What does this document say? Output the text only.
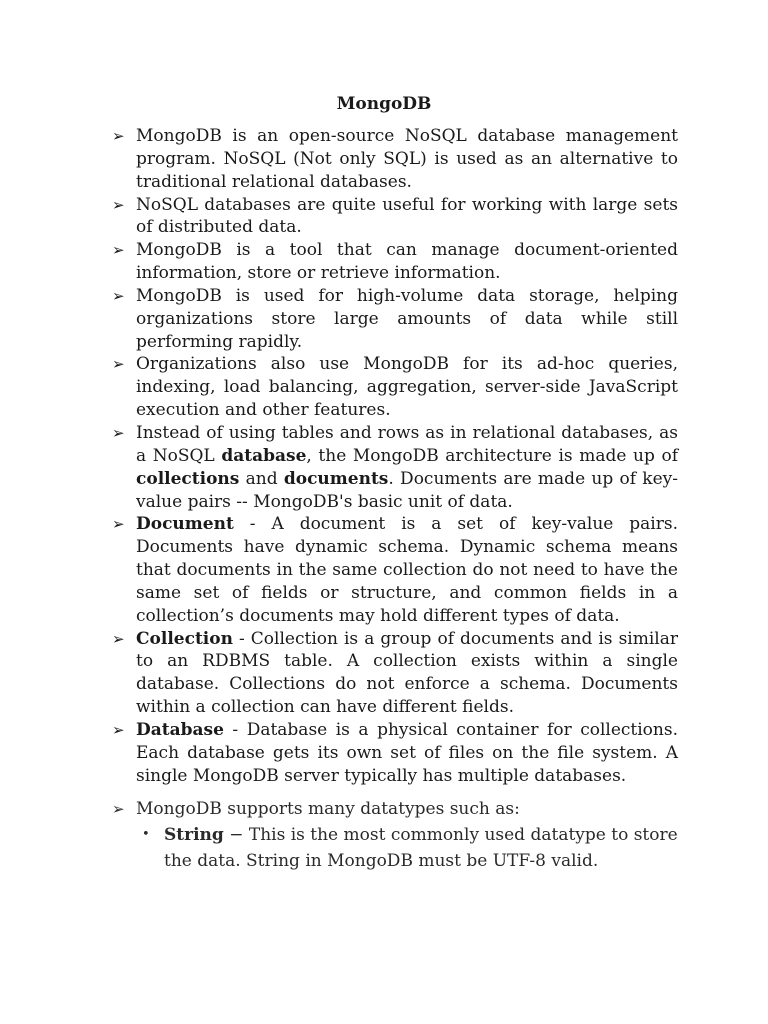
MongoDB
➢ MongoDB is an open-source NoSQL database management program. NoSQL (Not only SQL) is used as an alternative to traditional relational databases.
➢ NoSQL databases are quite useful for working with large sets of distributed data.
➢ MongoDB is a tool that can manage document-oriented information, store or retrieve information.
➢ MongoDB is used for high-volume data storage, helping organizations store large amounts of data while still performing rapidly.
➢ Organizations also use MongoDB for its ad-hoc queries, indexing, load balancing, aggregation, server-side JavaScript execution and other features.
➢ Instead of using tables and rows as in relational databases, as a NoSQL database, the MongoDB architecture is made up of collections and documents. Documents are made up of key-value pairs -- MongoDB's basic unit of data.
➢ Document - A document is a set of key-value pairs. Documents have dynamic schema. Dynamic schema means that documents in the same collection do not need to have the same set of fields or structure, and common fields in a collection’s documents may hold different types of data.
➢ Collection - Collection is a group of documents and is similar to an RDBMS table. A collection exists within a single database. Collections do not enforce a schema. Documents within a collection can have different fields.
➢ Database - Database is a physical container for collections. Each database gets its own set of files on the file system. A single MongoDB server typically has multiple databases.
➢ MongoDB supports many datatypes such as:
• String − This is the most commonly used datatype to store the data. String in MongoDB must be UTF-8 valid.
